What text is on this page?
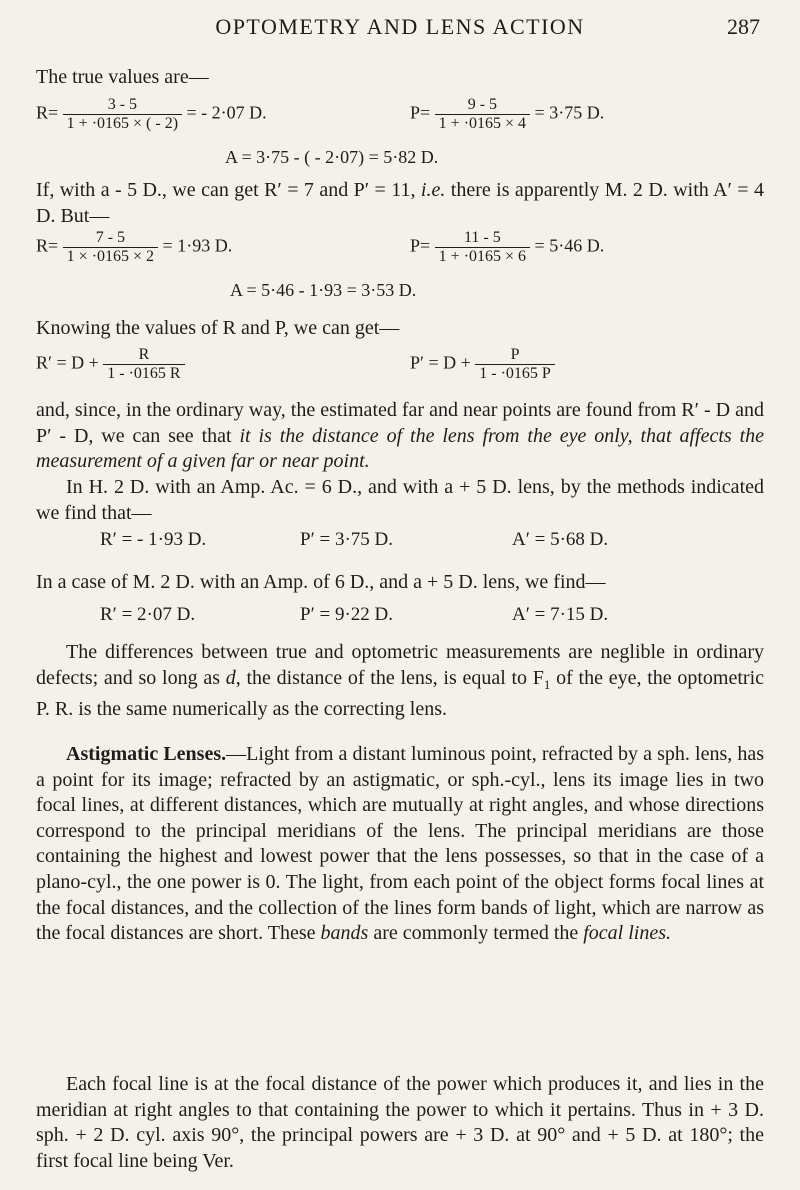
OPTOMETRY AND LENS ACTION	287
The true values are—
$R= \frac{3 - 5}{1 + \cdot 0165 \times ( - 2)}$ = - 2·07 D.	$P= \frac{9 - 5}{1 + \cdot 0165 \times 4} = 3\cdot 75$ D.
A = 3·75 - ( - 2·07) = 5·82 D.
If, with a - 5 D., we can get R′ = 7 and P′ = 11, i.e. there is apparently M. 2 D. with A′ = 4 D. But—
$R= \frac{7 - 5}{1 \times \cdot 0165 \times 2} = 1\cdot 93$ D.	$P= \frac{11 - 5}{1 + \cdot 0165 \times 6} = 5\cdot 46$ D.
A = 5·46 - 1·93 = 3·53 D.
Knowing the values of R and P, we can get—
$R' = D + \frac{R}{1 - \cdot 0165 R}$	$P' = D + \frac{P}{1 - \cdot 0165 P}$
and, since, in the ordinary way, the estimated far and near points are found from R′ - D and P′ - D, we can see that it is the distance of the lens from the eye only, that affects the measurement of a given far or near point.
In H. 2 D. with an Amp. Ac. = 6 D., and with a + 5 D. lens, by the methods indicated we find that—
R′ = - 1·93 D.	P′ = 3·75 D.	A′ = 5·68 D.
In a case of M. 2 D. with an Amp. of 6 D., and a + 5 D. lens, we find—
R′ = 2·07 D.	P′ = 9·22 D.	A′ = 7·15 D.
The differences between true and optometric measurements are neglible in ordinary defects; and so long as d, the distance of the lens, is equal to $F_1$ of the eye, the optometric P. R. is the same numerically as the correcting lens.
Astigmatic Lenses.—Light from a distant luminous point, refracted by a sph. lens, has a point for its image; refracted by an astigmatic, or sph.-cyl., lens its image lies in two focal lines, at different distances, which are mutually at right angles, and whose directions correspond to the principal meridians of the lens. The principal meridians are those containing the highest and lowest power that the lens possesses, so that in the case of a plano-cyl., the one power is 0. The light, from each point of the object forms focal lines at the focal distances, and the collection of the lines form bands of light, which are narrow as the focal distances are short. These bands are commonly termed the focal lines.
Each focal line is at the focal distance of the power which produces it, and lies in the meridian at right angles to that containing the power to which it pertains. Thus in + 3 D. sph. + 2 D. cyl. axis 90°, the principal powers are + 3 D. at 90° and + 5 D. at 180°; the first focal line being Ver.
